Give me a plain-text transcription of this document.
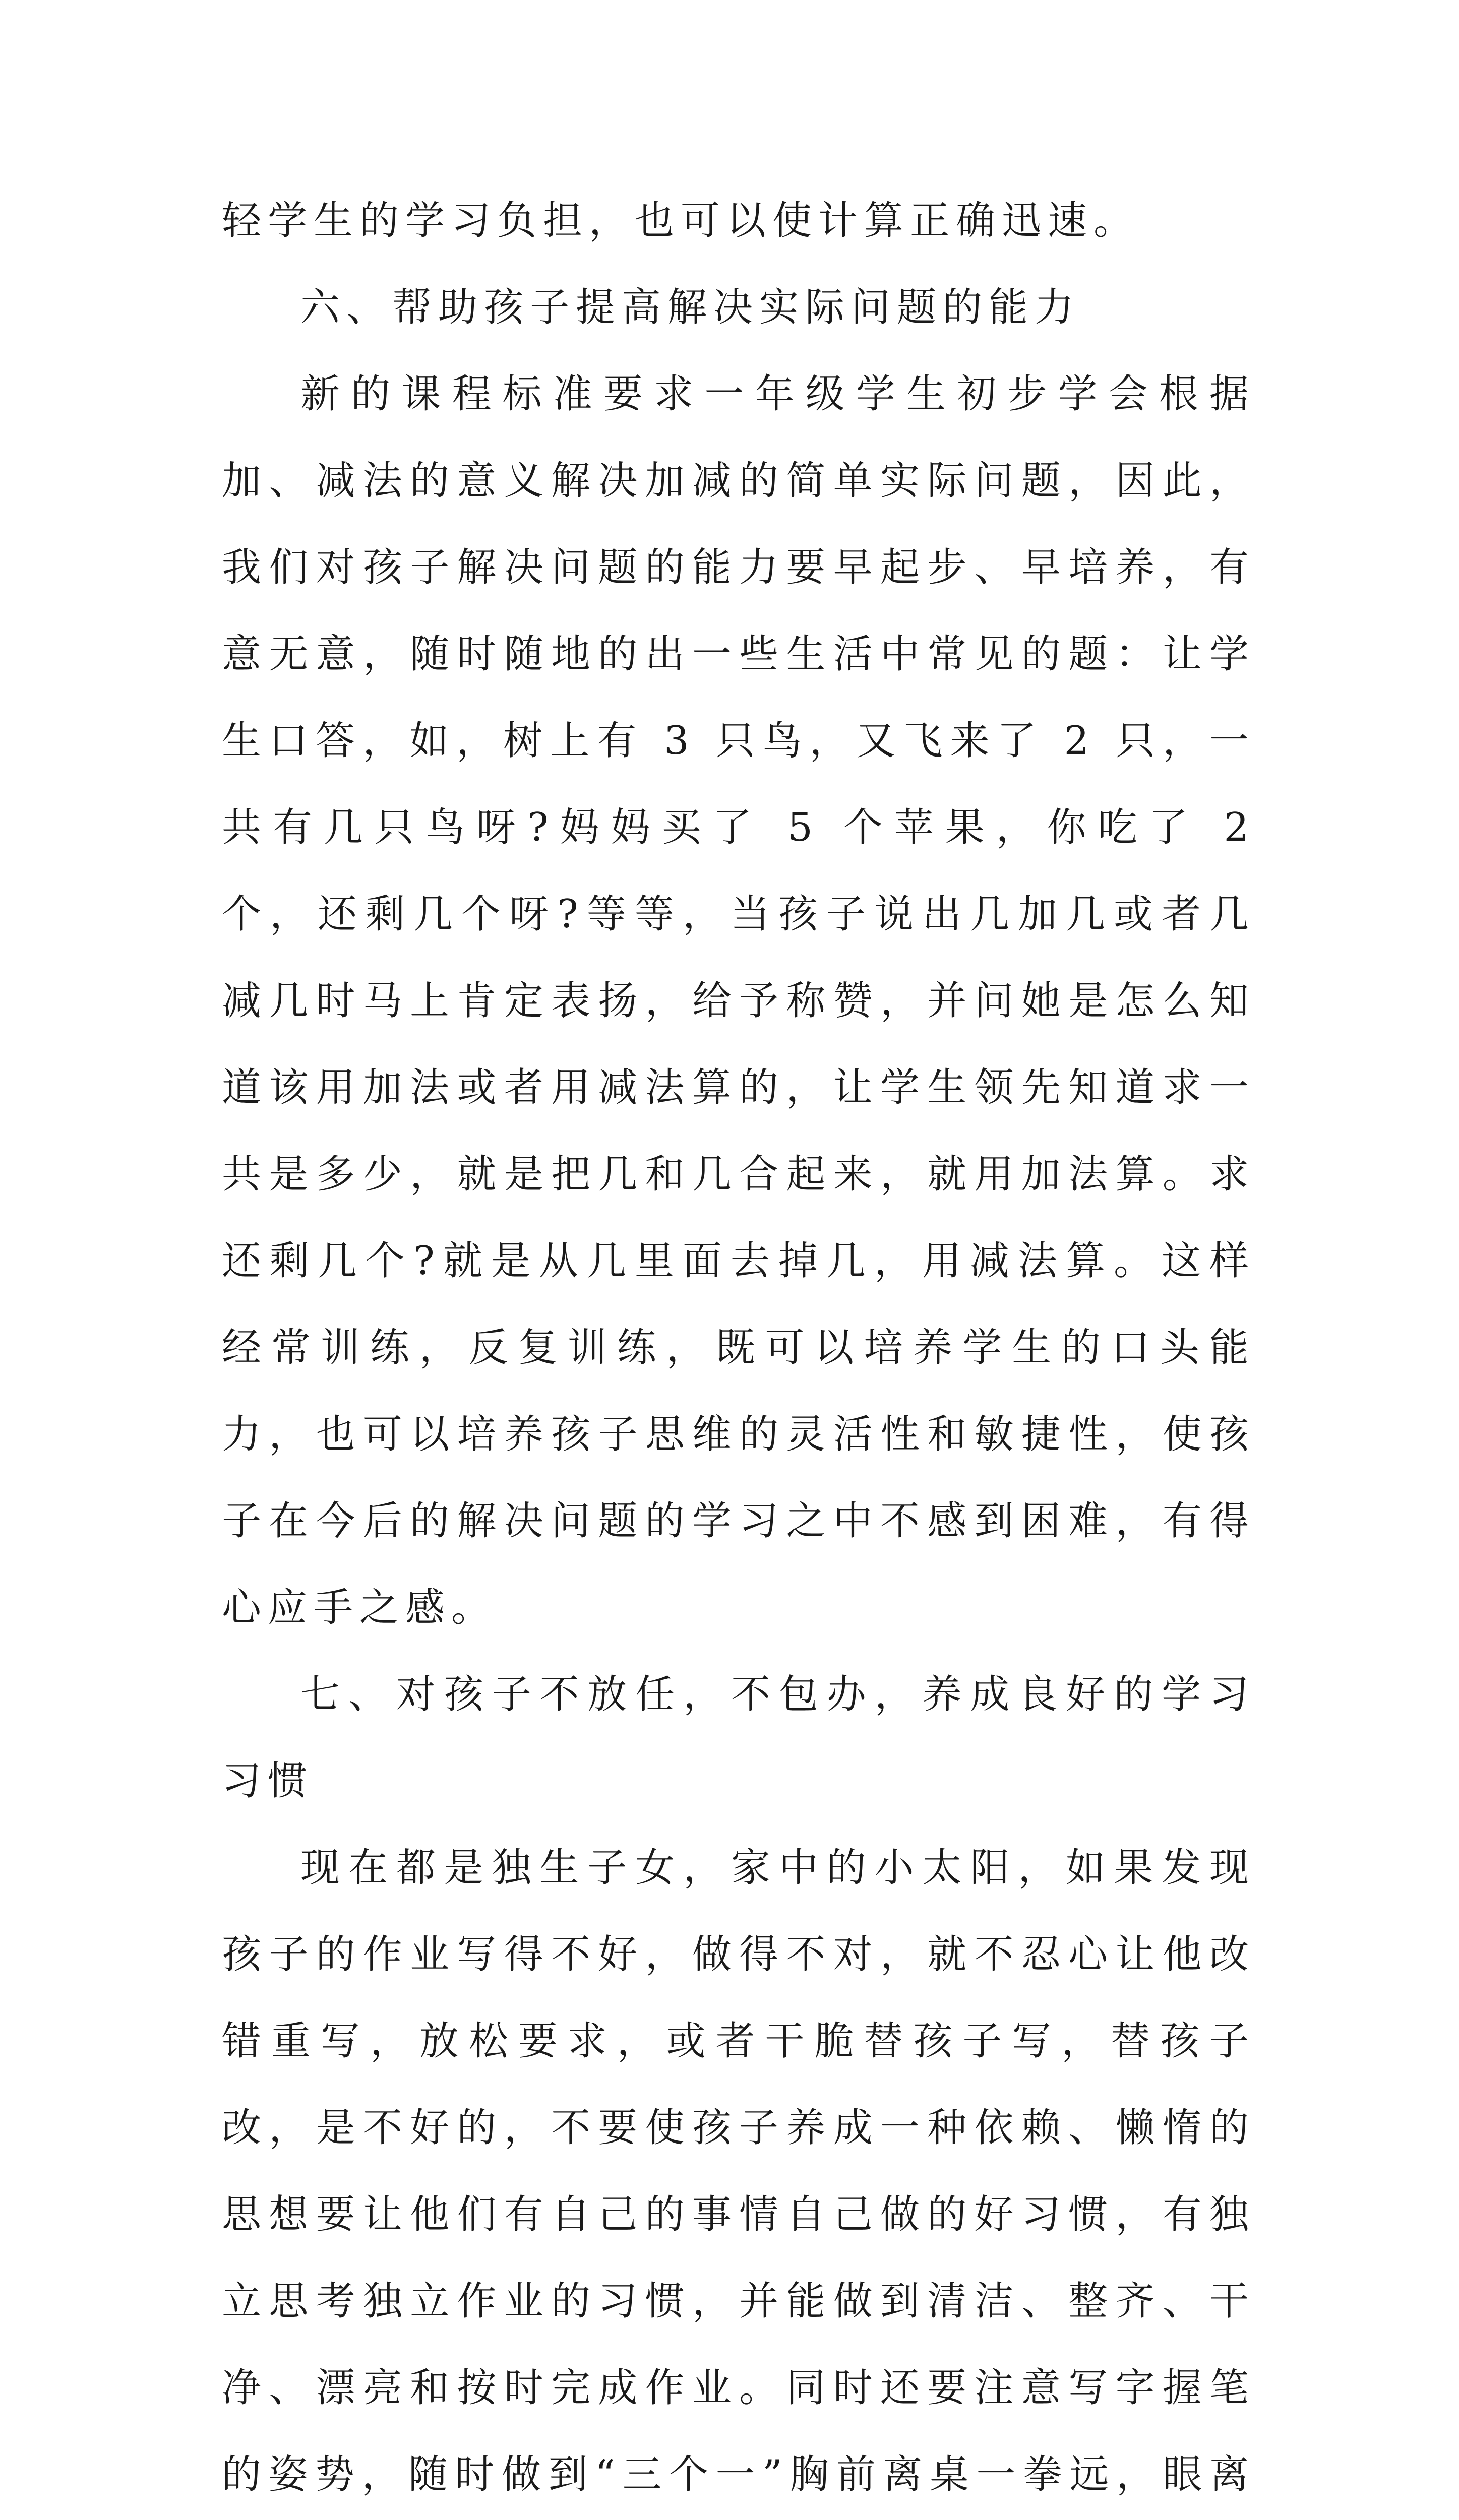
轻学生的学习负担，也可以使计算正确迅速。

六、帮助孩子提高解决实际问题的能力

新的课程标准要求一年级学生初步学会根据加、减法的意义解决加减的简单实际问题，因此，我们对孩子解决问题的能力要早起步、早培养，有意无意，随时随地的出一些生活中常见的题：让学生口答，如，树上有 3 只鸟，又飞来了 2 只，一共有几只鸟呀?妈妈买了 5 个苹果，你吃了 2 个，还剩几个呀?等等，当孩子说出几加几或者几减几时马上肯定表扬，给予称赞，并问她是怎么知道该用加法或者用减法算的，让学生领先知道求一共是多少，就是把几和几合起来，就用加法算。求还剩几个?就是从几里面去掉几，用减法算。这样经常训练，反复训练，既可以培养学生的口头能力，也可以培养孩子思维的灵活性和敏捷性，使孩子在今后的解决问题的学习之中不感到困难，有得心应手之感。

七、对孩子不放任，不包办，养成良好的学习习惯

现在都是独生子女，家中的小太阳，如果发现孩子的作业写得不好，做得不对，就不忍心让他改错重写，放松要求，或者干脆替孩子写，替孩子改，是不好的，不要使孩子养成一种依赖、懒惰的思想要让他们有自己的事情自己做的好习惯，有独立思考独立作业的习惯，并能做到清洁、整齐、干净、漂亮和按时完成作业。同时还要注意写字握笔的姿势，随时做到“三个一”胸前离桌一拳远，眼离
